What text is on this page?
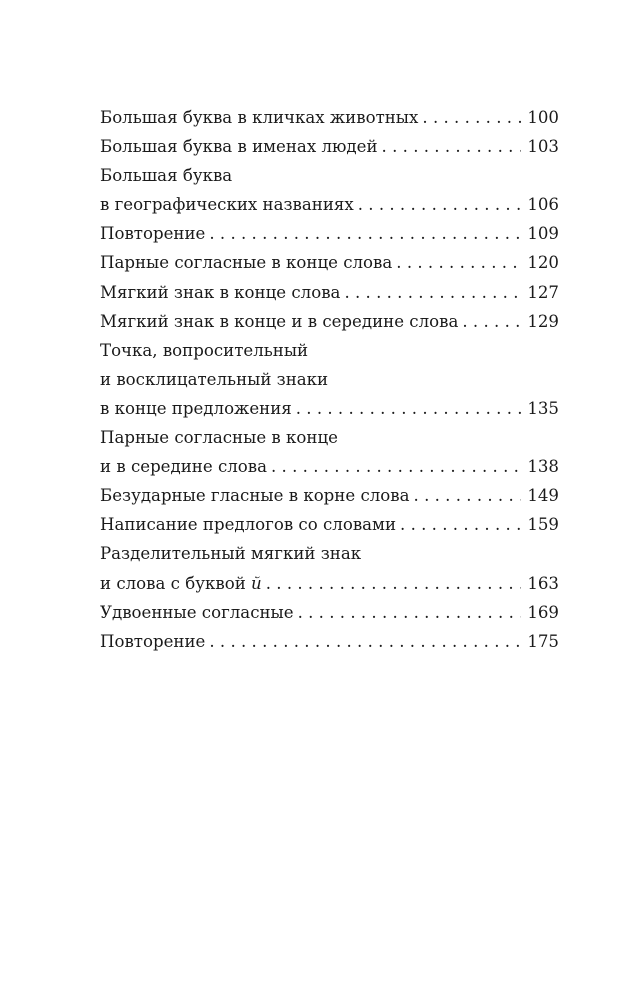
Большая буква в кличках животных . . .	100
Большая буква в именах людей . . .	103
Большая буква
в географических названиях . . .	106
Повторение . . .	109
Парные согласные в конце слова . . .	120
Мягкий знак в конце слова . . .	127
Мягкий знак в конце и в середине слова . . .	129
Точка, вопросительный
и восклицательный знаки
в конце предложения . . .	135
Парные согласные в конце
и в середине слова . . .	138
Безударные гласные в корне слова . . .	149
Написание предлогов со словами . . .	159
Разделительный мягкий знак
и слова с буквой й . . .	163
Удвоенные согласные . . .	169
Повторение . . .	175
